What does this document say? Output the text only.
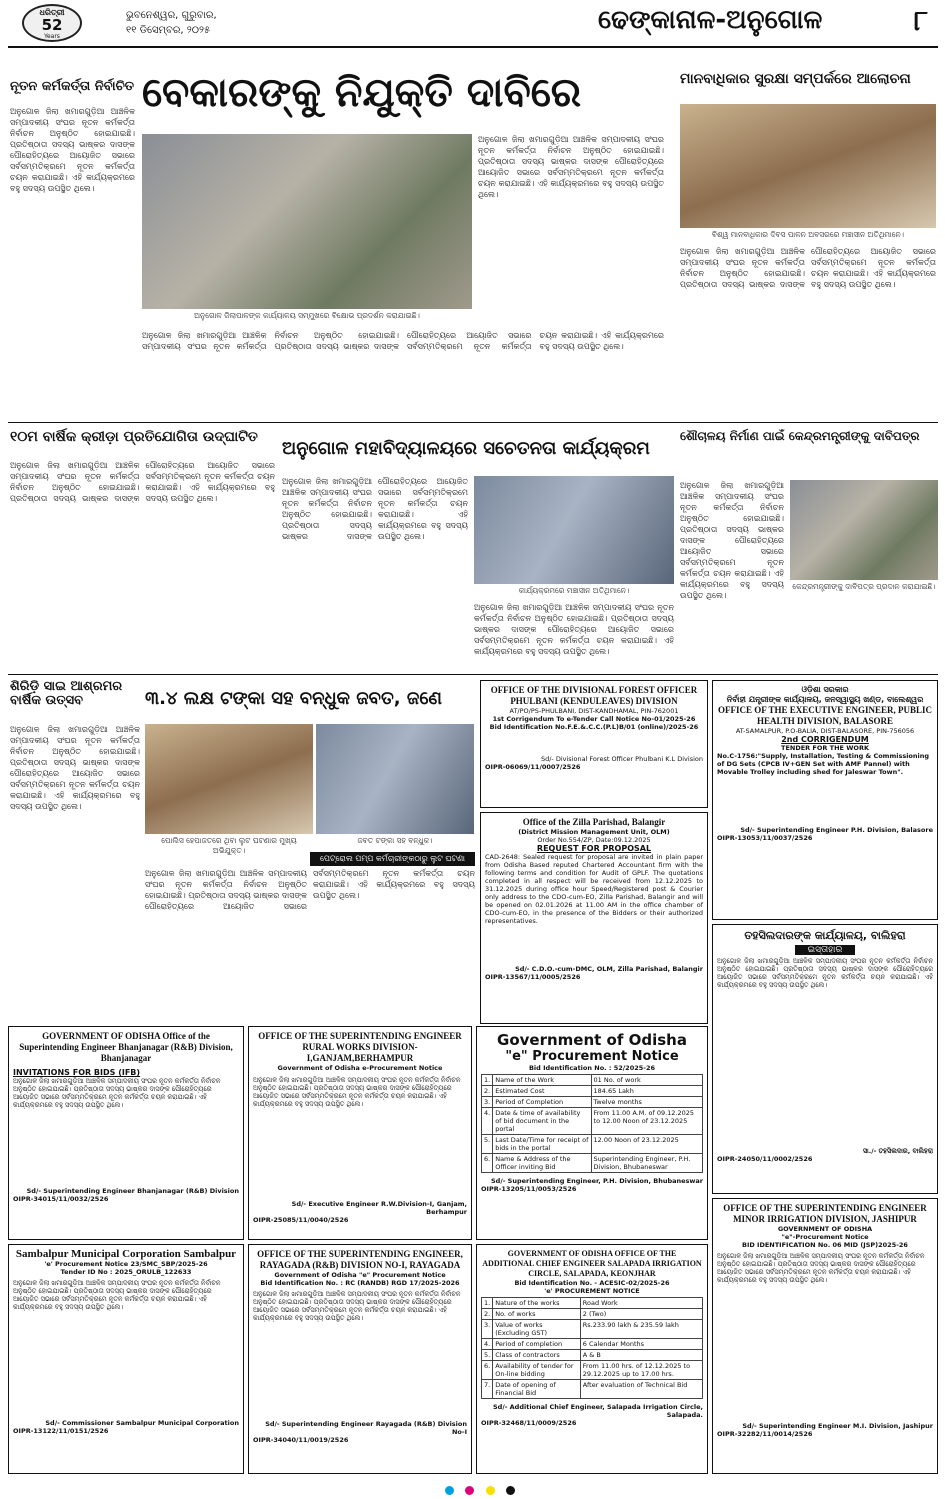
ଧରିତ୍ରୀ
52
Years
ଭୁବନେଶ୍ୱର, ଗୁରୁବାର,
୧୧ ଡିସେମ୍ବର, ୨୦୨୫	ଢେଙ୍କାନାଳ-ଅନୁଗୋଳ	୮
ନୂତନ କର୍ମକର୍ତ୍ତା ନିର୍ବାଚିତ
ଅନୁଗୋଳ ଜିଲା ଖମାରଗୁଡ଼ିଆ ଆଞ୍ଚଳିକ ସମ୍ପାଦକୀୟ ସଂଘର ନୂତନ କର୍ମକର୍ତ୍ତା ନିର୍ବାଚନ ଅନୁଷ୍ଠିତ ହୋଇଯାଇଛି। ପ୍ରତିଷ୍ଠାତା ସଦସ୍ୟ ଭାଷ୍କର ଦାସଙ୍କ ପୌରୋହିତ୍ୟରେ ଆୟୋଜିତ ସଭାରେ ସର୍ବସମ୍ମତିକ୍ରମେ ନୂତନ କର୍ମକର୍ତ୍ତା ଚୟନ କରାଯାଇଛି। ଏହି କାର୍ଯ୍ୟକ୍ରମରେ ବହୁ ସଦସ୍ୟ ଉପସ୍ଥିତ ଥିଲେ।
ବେକାରଙ୍କୁ ନିଯୁକ୍ତି ଦାବିରେ
ଅନୁଗୋଳ ଜିଲାପାଳଙ୍କ କାର୍ଯ୍ୟାଳୟ ସମ୍ମୁଖରେ ବିକ୍ଷୋଭ ପ୍ରଦର୍ଶନ କରାଯାଇଛି।
ଅନୁଗୋଳ ଜିଲା ଖମାରଗୁଡ଼ିଆ ଆଞ୍ଚଳିକ ସମ୍ପାଦକୀୟ ସଂଘର ନୂତନ କର୍ମକର୍ତ୍ତା ନିର୍ବାଚନ ଅନୁଷ୍ଠିତ ହୋଇଯାଇଛି। ପ୍ରତିଷ୍ଠାତା ସଦସ୍ୟ ଭାଷ୍କର ଦାସଙ୍କ ପୌରୋହିତ୍ୟରେ ଆୟୋଜିତ ସଭାରେ ସର୍ବସମ୍ମତିକ୍ରମେ ନୂତନ କର୍ମକର୍ତ୍ତା ଚୟନ କରାଯାଇଛି। ଏହି କାର୍ଯ୍ୟକ୍ରମରେ ବହୁ ସଦସ୍ୟ ଉପସ୍ଥିତ ଥିଲେ।
ଅନୁଗୋଳ ଜିଲା ଖମାରଗୁଡ଼ିଆ ଆଞ୍ଚଳିକ ସମ୍ପାଦକୀୟ ସଂଘର ନୂତନ କର୍ମକର୍ତ୍ତା ନିର୍ବାଚନ ଅନୁଷ୍ଠିତ ହୋଇଯାଇଛି। ପ୍ରତିଷ୍ଠାତା ସଦସ୍ୟ ଭାଷ୍କର ଦାସଙ୍କ ପୌରୋହିତ୍ୟରେ ଆୟୋଜିତ ସଭାରେ ସର୍ବସମ୍ମତିକ୍ରମେ ନୂତନ କର୍ମକର୍ତ୍ତା ଚୟନ କରାଯାଇଛି। ଏହି କାର୍ଯ୍ୟକ୍ରମରେ ବହୁ ସଦସ୍ୟ ଉପସ୍ଥିତ ଥିଲେ।
ମାନବାଧିକାର ସୁରକ୍ଷା ସମ୍ପର୍କରେ ଆଲୋଚନା
ବିଶ୍ୱ ମାନବାଧିକାର ଦିବସ ପାଳନ ଅବସରରେ ମଞ୍ଚାସୀନ ଅତିଥିମାନେ।
ଅନୁଗୋଳ ଜିଲା ଖମାରଗୁଡ଼ିଆ ଆଞ୍ଚଳିକ ସମ୍ପାଦକୀୟ ସଂଘର ନୂତନ କର୍ମକର୍ତ୍ତା ନିର୍ବାଚନ ଅନୁଷ୍ଠିତ ହୋଇଯାଇଛି। ପ୍ରତିଷ୍ଠାତା ସଦସ୍ୟ ଭାଷ୍କର ଦାସଙ୍କ ପୌରୋହିତ୍ୟରେ ଆୟୋଜିତ ସଭାରେ ସର୍ବସମ୍ମତିକ୍ରମେ ନୂତନ କର୍ମକର୍ତ୍ତା ଚୟନ କରାଯାଇଛି। ଏହି କାର୍ଯ୍ୟକ୍ରମରେ ବହୁ ସଦସ୍ୟ ଉପସ୍ଥିତ ଥିଲେ।
୧୦ମ ବାର୍ଷିକ କ୍ରୀଡ଼ା ପ୍ରତିଯୋଗିତା ଉଦ୍‌ଘାଟିତ
ଅନୁଗୋଳ ଜିଲା ଖମାରଗୁଡ଼ିଆ ଆଞ୍ଚଳିକ ସମ୍ପାଦକୀୟ ସଂଘର ନୂତନ କର୍ମକର୍ତ୍ତା ନିର୍ବାଚନ ଅନୁଷ୍ଠିତ ହୋଇଯାଇଛି। ପ୍ରତିଷ୍ଠାତା ସଦସ୍ୟ ଭାଷ୍କର ଦାସଙ୍କ ପୌରୋହିତ୍ୟରେ ଆୟୋଜିତ ସଭାରେ ସର୍ବସମ୍ମତିକ୍ରମେ ନୂତନ କର୍ମକର୍ତ୍ତା ଚୟନ କରାଯାଇଛି। ଏହି କାର୍ଯ୍ୟକ୍ରମରେ ବହୁ ସଦସ୍ୟ ଉପସ୍ଥିତ ଥିଲେ।
ଅନୁଗୋଳ ମହାବିଦ୍ୟାଳୟରେ ସଚେତନତା କାର୍ଯ୍ୟକ୍ରମ
କାର୍ଯ୍ୟକ୍ରମରେ ମଞ୍ଚାସୀନ ଅତିଥିମାନେ।
ଅନୁଗୋଳ ଜିଲା ଖମାରଗୁଡ଼ିଆ ଆଞ୍ଚଳିକ ସମ୍ପାଦକୀୟ ସଂଘର ନୂତନ କର୍ମକର୍ତ୍ତା ନିର୍ବାଚନ ଅନୁଷ୍ଠିତ ହୋଇଯାଇଛି। ପ୍ରତିଷ୍ଠାତା ସଦସ୍ୟ ଭାଷ୍କର ଦାସଙ୍କ ପୌରୋହିତ୍ୟରେ ଆୟୋଜିତ ସଭାରେ ସର୍ବସମ୍ମତିକ୍ରମେ ନୂତନ କର୍ମକର୍ତ୍ତା ଚୟନ କରାଯାଇଛି। ଏହି କାର୍ଯ୍ୟକ୍ରମରେ ବହୁ ସଦସ୍ୟ ଉପସ୍ଥିତ ଥିଲେ।
ଅନୁଗୋଳ ଜିଲା ଖମାରଗୁଡ଼ିଆ ଆଞ୍ଚଳିକ ସମ୍ପାଦକୀୟ ସଂଘର ନୂତନ କର୍ମକର୍ତ୍ତା ନିର୍ବାଚନ ଅନୁଷ୍ଠିତ ହୋଇଯାଇଛି। ପ୍ରତିଷ୍ଠାତା ସଦସ୍ୟ ଭାଷ୍କର ଦାସଙ୍କ ପୌରୋହିତ୍ୟରେ ଆୟୋଜିତ ସଭାରେ ସର୍ବସମ୍ମତିକ୍ରମେ ନୂତନ କର୍ମକର୍ତ୍ତା ଚୟନ କରାଯାଇଛି। ଏହି କାର୍ଯ୍ୟକ୍ରମରେ ବହୁ ସଦସ୍ୟ ଉପସ୍ଥିତ ଥିଲେ।
ଶୌଚାଳୟ ନିର୍ମାଣ ପାଇଁ କେନ୍ଦ୍ରମନ୍ତ୍ରୀଙ୍କୁ ଦାବିପତ୍ର
କେନ୍ଦ୍ରମନ୍ତ୍ରୀଙ୍କୁ ଦାବିପତ୍ର ପ୍ରଦାନ କରାଯାଇଛି।
ଅନୁଗୋଳ ଜିଲା ଖମାରଗୁଡ଼ିଆ ଆଞ୍ଚଳିକ ସମ୍ପାଦକୀୟ ସଂଘର ନୂତନ କର୍ମକର୍ତ୍ତା ନିର୍ବାଚନ ଅନୁଷ୍ଠିତ ହୋଇଯାଇଛି। ପ୍ରତିଷ୍ଠାତା ସଦସ୍ୟ ଭାଷ୍କର ଦାସଙ୍କ ପୌରୋହିତ୍ୟରେ ଆୟୋଜିତ ସଭାରେ ସର୍ବସମ୍ମତିକ୍ରମେ ନୂତନ କର୍ମକର୍ତ୍ତା ଚୟନ କରାଯାଇଛି। ଏହି କାର୍ଯ୍ୟକ୍ରମରେ ବହୁ ସଦସ୍ୟ ଉପସ୍ଥିତ ଥିଲେ।
ଶିରିଡ଼ି ସାଇ ଆଶ୍ରମର ବାର୍ଷିକ ଉତ୍ସବ
ଅନୁଗୋଳ ଜିଲା ଖମାରଗୁଡ଼ିଆ ଆଞ୍ଚଳିକ ସମ୍ପାଦକୀୟ ସଂଘର ନୂତନ କର୍ମକର୍ତ୍ତା ନିର୍ବାଚନ ଅନୁଷ୍ଠିତ ହୋଇଯାଇଛି। ପ୍ରତିଷ୍ଠାତା ସଦସ୍ୟ ଭାଷ୍କର ଦାସଙ୍କ ପୌରୋହିତ୍ୟରେ ଆୟୋଜିତ ସଭାରେ ସର୍ବସମ୍ମତିକ୍ରମେ ନୂତନ କର୍ମକର୍ତ୍ତା ଚୟନ କରାଯାଇଛି। ଏହି କାର୍ଯ୍ୟକ୍ରମରେ ବହୁ ସଦସ୍ୟ ଉପସ୍ଥିତ ଥିଲେ।
୩.୪ ଲକ୍ଷ ଟଙ୍କା ସହ ବନ୍ଧୁକ ଜବତ, ଜଣେ
ପୋଲିସ ହେପାଜତରେ ଥିବା ଲୁଟ ଘଟଣାର ମୁଖ୍ୟ ଅଭିଯୁକ୍ତ।
ଜବତ ଟଙ୍କା ସହ ବନ୍ଧୁକ।
ପେଟ୍ରୋଲ ପମ୍ପ କର୍ମଚାରୀଙ୍କଠାରୁ ଲୁଟ ଘଟଣା
ଅନୁଗୋଳ ଜିଲା ଖମାରଗୁଡ଼ିଆ ଆଞ୍ଚଳିକ ସମ୍ପାଦକୀୟ ସଂଘର ନୂତନ କର୍ମକର୍ତ୍ତା ନିର୍ବାଚନ ଅନୁଷ୍ଠିତ ହୋଇଯାଇଛି। ପ୍ରତିଷ୍ଠାତା ସଦସ୍ୟ ଭାଷ୍କର ଦାସଙ୍କ ପୌରୋହିତ୍ୟରେ ଆୟୋଜିତ ସଭାରେ ସର୍ବସମ୍ମତିକ୍ରମେ ନୂତନ କର୍ମକର୍ତ୍ତା ଚୟନ କରାଯାଇଛି। ଏହି କାର୍ଯ୍ୟକ୍ରମରେ ବହୁ ସଦସ୍ୟ ଉପସ୍ଥିତ ଥିଲେ।
OFFICE OF THE DIVISIONAL FOREST OFFICER PHULBANI (KENDULEAVES) DIVISION
AT/PO/PS-PHULBANI, DIST-KANDHAMAL, PIN-762001
1st Corrigendum To e-Tender Call Notice No-01/2025-26
Bid Identification No.F.E.&.C.C.(P.L)B/01 (online)/2025-26
Sd/- Divisional Forest Officer Phulbani K.L Division
OIPR-06069/11/0007/2526
Office of the Zilla Parishad, Balangir
(District Mission Management Unit, OLM)
Order No.554/ZP, Date:09.12.2025
REQUEST FOR PROPOSAL
CAD-2648: Sealed request for proposal are invited in plain paper from Odisha Based reputed Chartered Accountant firm with the following terms and condition for Audit of GPLF. The quotations completed in all respect will be received from 12.12.2025 to 31.12.2025 during office hour Speed/Registered post & Courier only address to the CDO-cum-EO, Zilla Parishad, Balangir and will be opened on 02.01.2026 at 11.00 AM in the office chamber of CDO-cum-EO, in the presence of the Bidders or their authorized representatives.
Sd/- C.D.O.-cum-DMC, OLM, Zilla Parishad, Balangir
OIPR-13567/11/0005/2526
ଓଡ଼ିଶା ସରକାର
ନିର୍ବାହୀ ଯନ୍ତ୍ରୀଙ୍କ କାର୍ଯ୍ୟାଳୟ, ଜନସ୍ୱାସ୍ଥ୍ୟ ଖଣ୍ଡ, ବାଲେଶ୍ୱର
OFFICE OF THE EXECUTIVE ENGINEER, PUBLIC HEALTH DIVISION, BALASORE
AT-SAMALPUR, P.O-BALIA, DIST-BALASORE, PIN-756056
2nd CORRIGENDUM
TENDER FOR THE WORK
No.C-1756:"Supply, Installation, Testing & Commissioning of DG Sets (CPCB IV+GEN Set with AMF Pannel) with Movable Trolley including shed for Jaleswar Town".
Sd/- Superintending Engineer P.H. Division, Balasore
OIPR-13053/11/0037/2526
ତହସିଲଦାରଙ୍କ କାର୍ଯ୍ୟାଳୟ, ବାଲିହରା
ଇସ୍ତାହାର
ଅନୁଗୋଳ ଜିଲା ଖମାରଗୁଡ଼ିଆ ଆଞ୍ଚଳିକ ସମ୍ପାଦକୀୟ ସଂଘର ନୂତନ କର୍ମକର୍ତ୍ତା ନିର୍ବାଚନ ଅନୁଷ୍ଠିତ ହୋଇଯାଇଛି। ପ୍ରତିଷ୍ଠାତା ସଦସ୍ୟ ଭାଷ୍କର ଦାସଙ୍କ ପୌରୋହିତ୍ୟରେ ଆୟୋଜିତ ସଭାରେ ସର୍ବସମ୍ମତିକ୍ରମେ ନୂତନ କର୍ମକର୍ତ୍ତା ଚୟନ କରାଯାଇଛି। ଏହି କାର୍ଯ୍ୟକ୍ରମରେ ବହୁ ସଦସ୍ୟ ଉପସ୍ଥିତ ଥିଲେ।
ସା./- ତହସିଲଦାର, ବାଲିହରା
OIPR-24050/11/0002/2526
GOVERNMENT OF ODISHA Office of the Superintending Engineer Bhanjanagar (R&B) Division, Bhanjanagar
INVITATIONS FOR BIDS (IFB)
ଅନୁଗୋଳ ଜିଲା ଖମାରଗୁଡ଼ିଆ ଆଞ୍ଚଳିକ ସମ୍ପାଦକୀୟ ସଂଘର ନୂତନ କର୍ମକର୍ତ୍ତା ନିର୍ବାଚନ ଅନୁଷ୍ଠିତ ହୋଇଯାଇଛି। ପ୍ରତିଷ୍ଠାତା ସଦସ୍ୟ ଭାଷ୍କର ଦାସଙ୍କ ପୌରୋହିତ୍ୟରେ ଆୟୋଜିତ ସଭାରେ ସର୍ବସମ୍ମତିକ୍ରମେ ନୂତନ କର୍ମକର୍ତ୍ତା ଚୟନ କରାଯାଇଛି। ଏହି କାର୍ଯ୍ୟକ୍ରମରେ ବହୁ ସଦସ୍ୟ ଉପସ୍ଥିତ ଥିଲେ।
Sd/- Superintending Engineer Bhanjanagar (R&B) Division
OIPR-34015/11/0032/2526
OFFICE OF THE SUPERINTENDING ENGINEER RURAL WORKS DIVISION-I,GANJAM,BERHAMPUR
Government of Odisha e-Procurement Notice
ଅନୁଗୋଳ ଜିଲା ଖମାରଗୁଡ଼ିଆ ଆଞ୍ଚଳିକ ସମ୍ପାଦକୀୟ ସଂଘର ନୂତନ କର୍ମକର୍ତ୍ତା ନିର୍ବାଚନ ଅନୁଷ୍ଠିତ ହୋଇଯାଇଛି। ପ୍ରତିଷ୍ଠାତା ସଦସ୍ୟ ଭାଷ୍କର ଦାସଙ୍କ ପୌରୋହିତ୍ୟରେ ଆୟୋଜିତ ସଭାରେ ସର୍ବସମ୍ମତିକ୍ରମେ ନୂତନ କର୍ମକର୍ତ୍ତା ଚୟନ କରାଯାଇଛି। ଏହି କାର୍ଯ୍ୟକ୍ରମରେ ବହୁ ସଦସ୍ୟ ଉପସ୍ଥିତ ଥିଲେ।
Sd/- Executive Engineer R.W.Division-I, Ganjam, Berhampur
OIPR-25085/11/0040/2526
Government of Odisha
"e" Procurement Notice
Bid Identification No. : 52/2025-26
1.	Name of the Work	01 No. of work
2.	Estimated Cost	184.65 Lakh
3.	Period of Completion	Twelve months
4.	Date & time of availability of bid document in the portal	From 11.00 A.M. of 09.12.2025 to 12.00 Noon of 23.12.2025
5.	Last Date/Time for receipt of bids in the portal	12.00 Noon of 23.12.2025
6.	Name & Address of the Officer inviting Bid	Superintending Engineer, P.H. Division, Bhubaneswar
Sd/- Superintending Engineer, P.H. Division, Bhubaneswar
OIPR-13205/11/0053/2526
Sambalpur Municipal Corporation Sambalpur
'e' Procurement Notice 23/SMC_SBP/2025-26
Tender ID No : 2025_ORULB_122633
ଅନୁଗୋଳ ଜିଲା ଖମାରଗୁଡ଼ିଆ ଆଞ୍ଚଳିକ ସମ୍ପାଦକୀୟ ସଂଘର ନୂତନ କର୍ମକର୍ତ୍ତା ନିର୍ବାଚନ ଅନୁଷ୍ଠିତ ହୋଇଯାଇଛି। ପ୍ରତିଷ୍ଠାତା ସଦସ୍ୟ ଭାଷ୍କର ଦାସଙ୍କ ପୌରୋହିତ୍ୟରେ ଆୟୋଜିତ ସଭାରେ ସର୍ବସମ୍ମତିକ୍ରମେ ନୂତନ କର୍ମକର୍ତ୍ତା ଚୟନ କରାଯାଇଛି। ଏହି କାର୍ଯ୍ୟକ୍ରମରେ ବହୁ ସଦସ୍ୟ ଉପସ୍ଥିତ ଥିଲେ।
Sd/- Commissioner Sambalpur Municipal Corporation
OIPR-13122/11/0151/2526
OFFICE OF THE SUPERINTENDING ENGINEER, RAYAGADA (R&B) DIVISION NO-I, RAYAGADA
Government of Odisha "e" Procurement Notice
Bid Identification No. : RC (RANDB) RGD 17/2025-2026
ଅନୁଗୋଳ ଜିଲା ଖମାରଗୁଡ଼ିଆ ଆଞ୍ଚଳିକ ସମ୍ପାଦକୀୟ ସଂଘର ନୂତନ କର୍ମକର୍ତ୍ତା ନିର୍ବାଚନ ଅନୁଷ୍ଠିତ ହୋଇଯାଇଛି। ପ୍ରତିଷ୍ଠାତା ସଦସ୍ୟ ଭାଷ୍କର ଦାସଙ୍କ ପୌରୋହିତ୍ୟରେ ଆୟୋଜିତ ସଭାରେ ସର୍ବସମ୍ମତିକ୍ରମେ ନୂତନ କର୍ମକର୍ତ୍ତା ଚୟନ କରାଯାଇଛି। ଏହି କାର୍ଯ୍ୟକ୍ରମରେ ବହୁ ସଦସ୍ୟ ଉପସ୍ଥିତ ଥିଲେ।
Sd/- Superintending Engineer Rayagada (R&B) Division No-I
OIPR-34040/11/0019/2526
GOVERNMENT OF ODISHA OFFICE OF THE ADDITIONAL CHIEF ENGINEER SALAPADA IRRIGATION CIRCLE, SALAPADA, KEONJHAR
Bid Identification No. - ACESIC-02/2025-26
'e' PROCUREMENT NOTICE
1.	Nature of the works	Road Work
2.	No. of works	2 (Two)
3.	Value of works (Excluding GST)	Rs.233.90 lakh & 235.59 lakh
4.	Period of completion	6 Calendar Months
5.	Class of contractors	A & B
6.	Availability of tender for On-line bidding	From 11.00 hrs. of 12.12.2025 to 29.12.2025 up to 17.00 hrs.
7.	Date of opening of Financial Bid	After evaluation of Technical Bid
Sd/- Additional Chief Engineer, Salapada Irrigation Circle, Salapada.
OIPR-32468/11/0009/2526
OFFICE OF THE SUPERINTENDING ENGINEER MINOR IRRIGATION DIVISION, JASHIPUR
GOVERNMENT OF ODISHA
"e"-Procurement Notice
BID IDENTIFICATION No. 06 MID (JSP)2025-26
ଅନୁଗୋଳ ଜିଲା ଖମାରଗୁଡ଼ିଆ ଆଞ୍ଚଳିକ ସମ୍ପାଦକୀୟ ସଂଘର ନୂତନ କର୍ମକର୍ତ୍ତା ନିର୍ବାଚନ ଅନୁଷ୍ଠିତ ହୋଇଯାଇଛି। ପ୍ରତିଷ୍ଠାତା ସଦସ୍ୟ ଭାଷ୍କର ଦାସଙ୍କ ପୌରୋହିତ୍ୟରେ ଆୟୋଜିତ ସଭାରେ ସର୍ବସମ୍ମତିକ୍ରମେ ନୂତନ କର୍ମକର୍ତ୍ତା ଚୟନ କରାଯାଇଛି। ଏହି କାର୍ଯ୍ୟକ୍ରମରେ ବହୁ ସଦସ୍ୟ ଉପସ୍ଥିତ ଥିଲେ।
Sd/- Superintending Engineer M.I. Division, Jashipur
OIPR-32282/11/0014/2526
